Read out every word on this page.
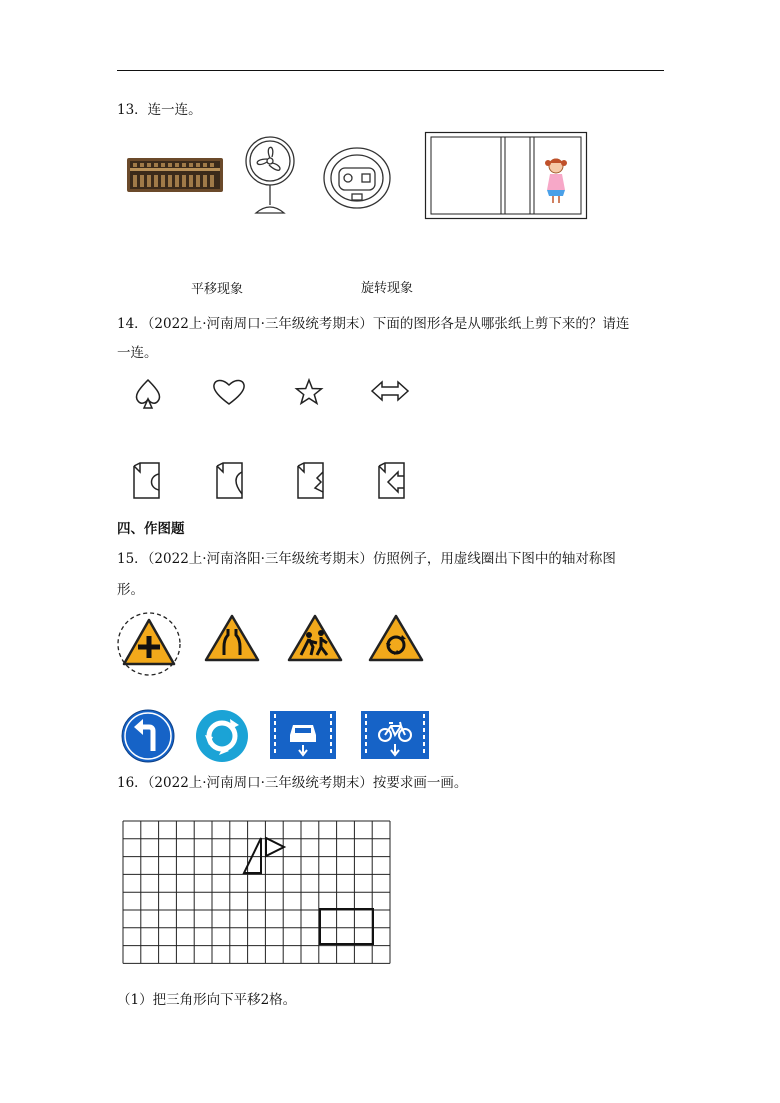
13．连一连。
平移现象	旋转现象
14．（2022上·河南周口·三年级统考期末）下面的图形各是从哪张纸上剪下来的？请连
一连。
四、作图题
15．（2022上·河南洛阳·三年级统考期末）仿照例子，用虚线圈出下图中的轴对称图
形。
16．（2022上·河南周口·三年级统考期末）按要求画一画。
（1）把三角形向下平移2格。
